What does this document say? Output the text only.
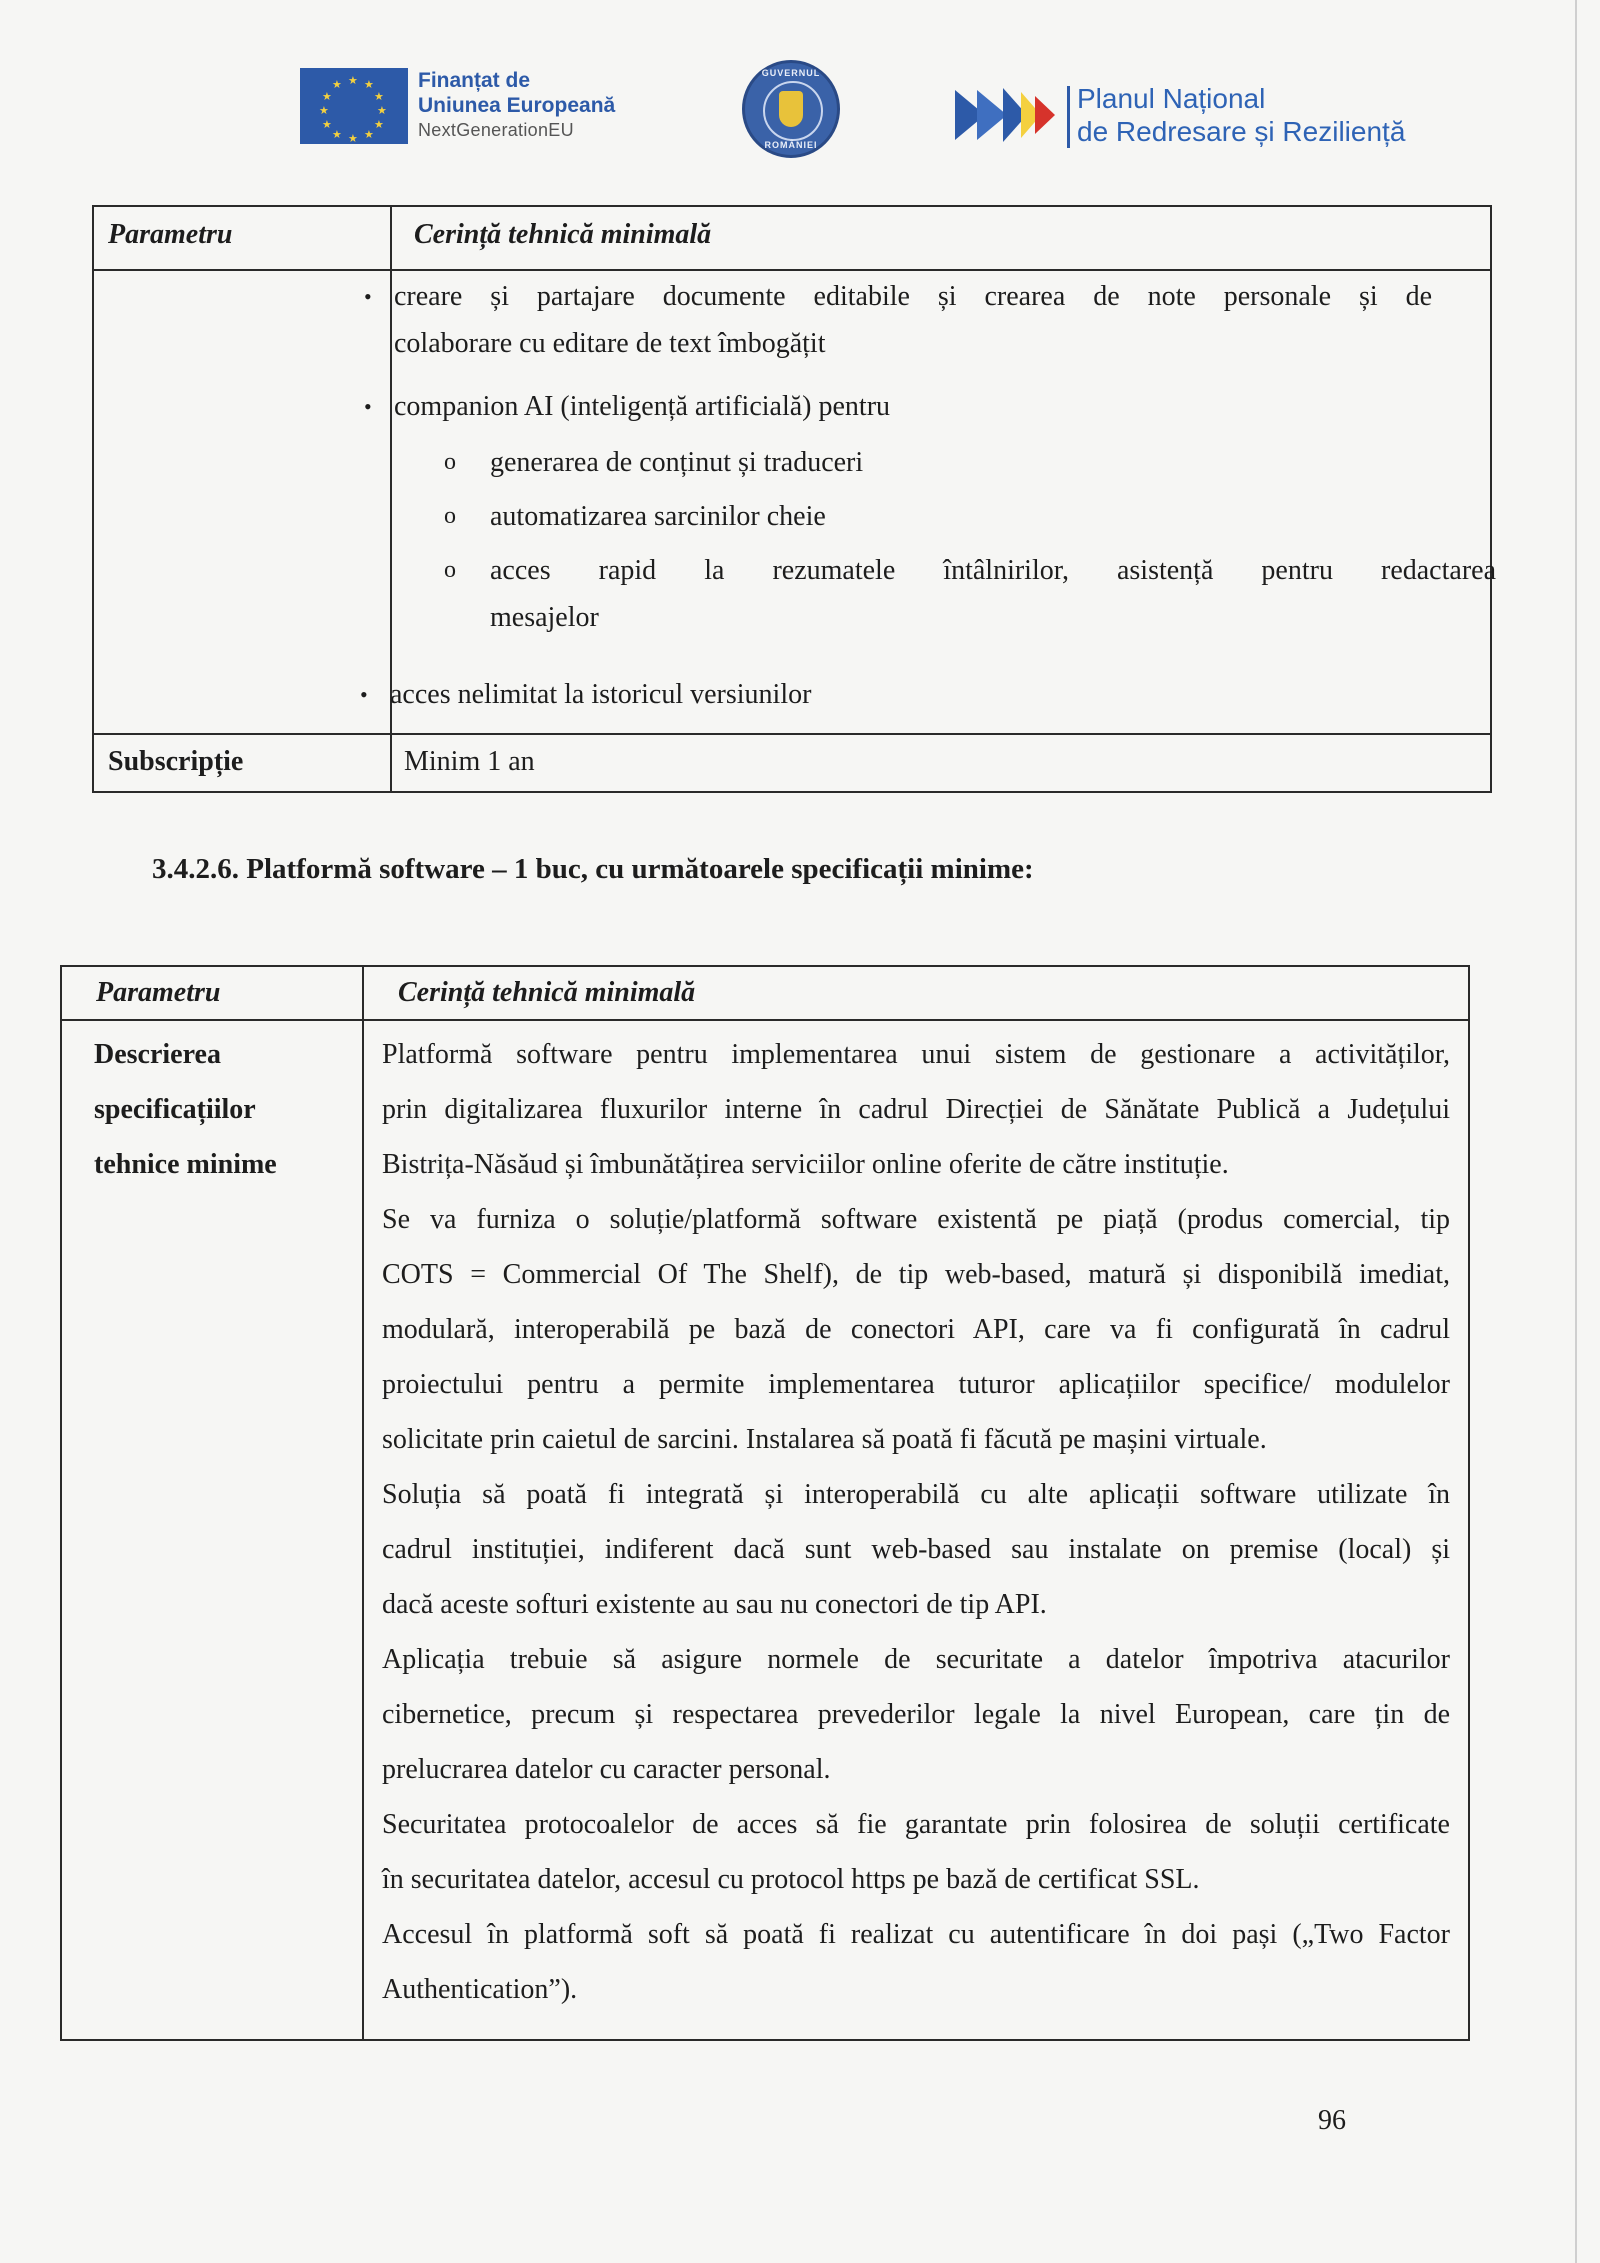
★ ★
★
★
★
★
★
★
★
★
★
★	Finanțat de
Uniunea Europeană
NextGenerationEU
GUVERNUL
ROMÂNIEI
Planul Național
de Redresare și Reziliență
Parametru	Cerință tehnică minimală
• creare și partajare documente editabile și crearea de note personale și de
colaborare cu editare de text îmbogățit
• companion AI (inteligență artificială) pentru
o generarea de conținut și traduceri
o automatizarea sarcinilor cheie
o acces rapid la rezumatele întâlnirilor, asistență pentru redactarea
mesajelor
• acces nelimitat la istoricul versiunilor
Subscripție	Minim 1 an
3.4.2.6. Platformă software – 1 buc, cu următoarele specificații minime:
Parametru	Cerință tehnică minimală
Descrierea
specificațiilor
tehnice minime
Platformă software pentru implementarea unui sistem de gestionare a activităților,
prin digitalizarea fluxurilor interne în cadrul Direcției de Sănătate Publică a Județului
Bistrița-Năsăud și îmbunătățirea serviciilor online oferite de către instituție.
Se va furniza o soluție/platformă software existentă pe piață (produs comercial, tip
COTS = Commercial Of The Shelf), de tip web-based, matură și disponibilă imediat,
modulară, interoperabilă pe bază de conectori API, care va fi configurată în cadrul
proiectului pentru a permite implementarea tuturor aplicațiilor specifice/ modulelor
solicitate prin caietul de sarcini. Instalarea să poată fi făcută pe mașini virtuale.
Soluția să poată fi integrată și interoperabilă cu alte aplicații software utilizate în
cadrul instituției, indiferent dacă sunt web-based sau instalate on premise (local) și
dacă aceste softuri existente au sau nu conectori de tip API.
Aplicația trebuie să asigure normele de securitate a datelor împotriva atacurilor
cibernetice, precum și respectarea prevederilor legale la nivel European, care țin de
prelucrarea datelor cu caracter personal.
Securitatea protocoalelor de acces să fie garantate prin folosirea de soluții certificate
în securitatea datelor, accesul cu protocol https pe bază de certificat SSL.
Accesul în platformă soft să poată fi realizat cu autentificare în doi pași („Two Factor
Authentication”).
96
